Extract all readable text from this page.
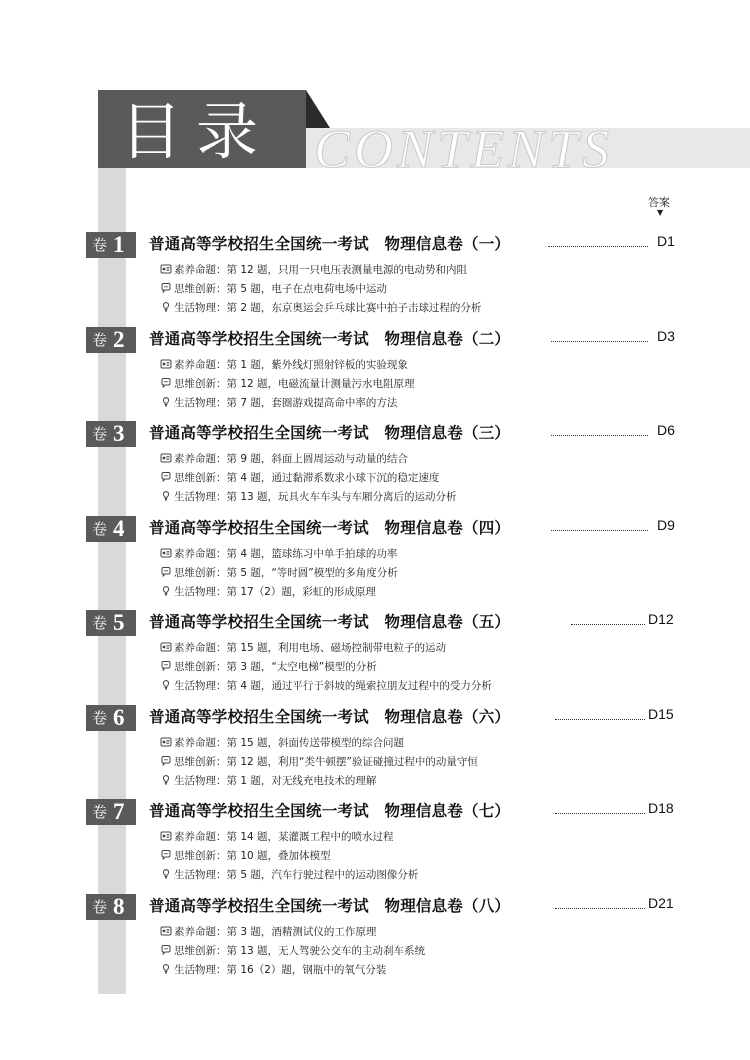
目录 CONTENTS
答案
▼
卷 1 普通高等学校招生全国统一考试　物理信息卷（一）	D1
素养命题：第 12 题，只用一只电压表测量电源的电动势和内阻
思维创新：第 5 题，电子在点电荷电场中运动
生活物理：第 2 题，东京奥运会乒乓球比赛中拍子击球过程的分析
卷 2 普通高等学校招生全国统一考试　物理信息卷（二）	D3
素养命题：第 1 题，紫外线灯照射锌板的实验现象
思维创新：第 12 题，电磁流量计测量污水电阻原理
生活物理：第 7 题，套圈游戏提高命中率的方法
卷 3 普通高等学校招生全国统一考试　物理信息卷（三）	D6
素养命题：第 9 题，斜面上圆周运动与动量的结合
思维创新：第 4 题，通过黏滞系数求小球下沉的稳定速度
生活物理：第 13 题，玩具火车车头与车厢分离后的运动分析
卷 4 普通高等学校招生全国统一考试　物理信息卷（四）	D9
素养命题：第 4 题，篮球练习中单手拍球的功率
思维创新：第 5 题，“等时圆”模型的多角度分析
生活物理：第 17（2）题，彩虹的形成原理
卷 5 普通高等学校招生全国统一考试　物理信息卷（五）	D12
素养命题：第 15 题，利用电场、磁场控制带电粒子的运动
思维创新：第 3 题，“太空电梯”模型的分析
生活物理：第 4 题，通过平行于斜坡的绳索拉朋友过程中的受力分析
卷 6 普通高等学校招生全国统一考试　物理信息卷（六）	D15
素养命题：第 15 题，斜面传送带模型的综合问题
思维创新：第 12 题，利用“类牛顿摆”验证碰撞过程中的动量守恒
生活物理：第 1 题，对无线充电技术的理解
卷 7 普通高等学校招生全国统一考试　物理信息卷（七）	D18
素养命题：第 14 题，某灌溉工程中的喷水过程
思维创新：第 10 题，叠加体模型
生活物理：第 5 题，汽车行驶过程中的运动图像分析
卷 8 普通高等学校招生全国统一考试　物理信息卷（八）	D21
素养命题：第 3 题，酒精测试仪的工作原理
思维创新：第 13 题，无人驾驶公交车的主动刹车系统
生活物理：第 16（2）题，钢瓶中的氧气分装
